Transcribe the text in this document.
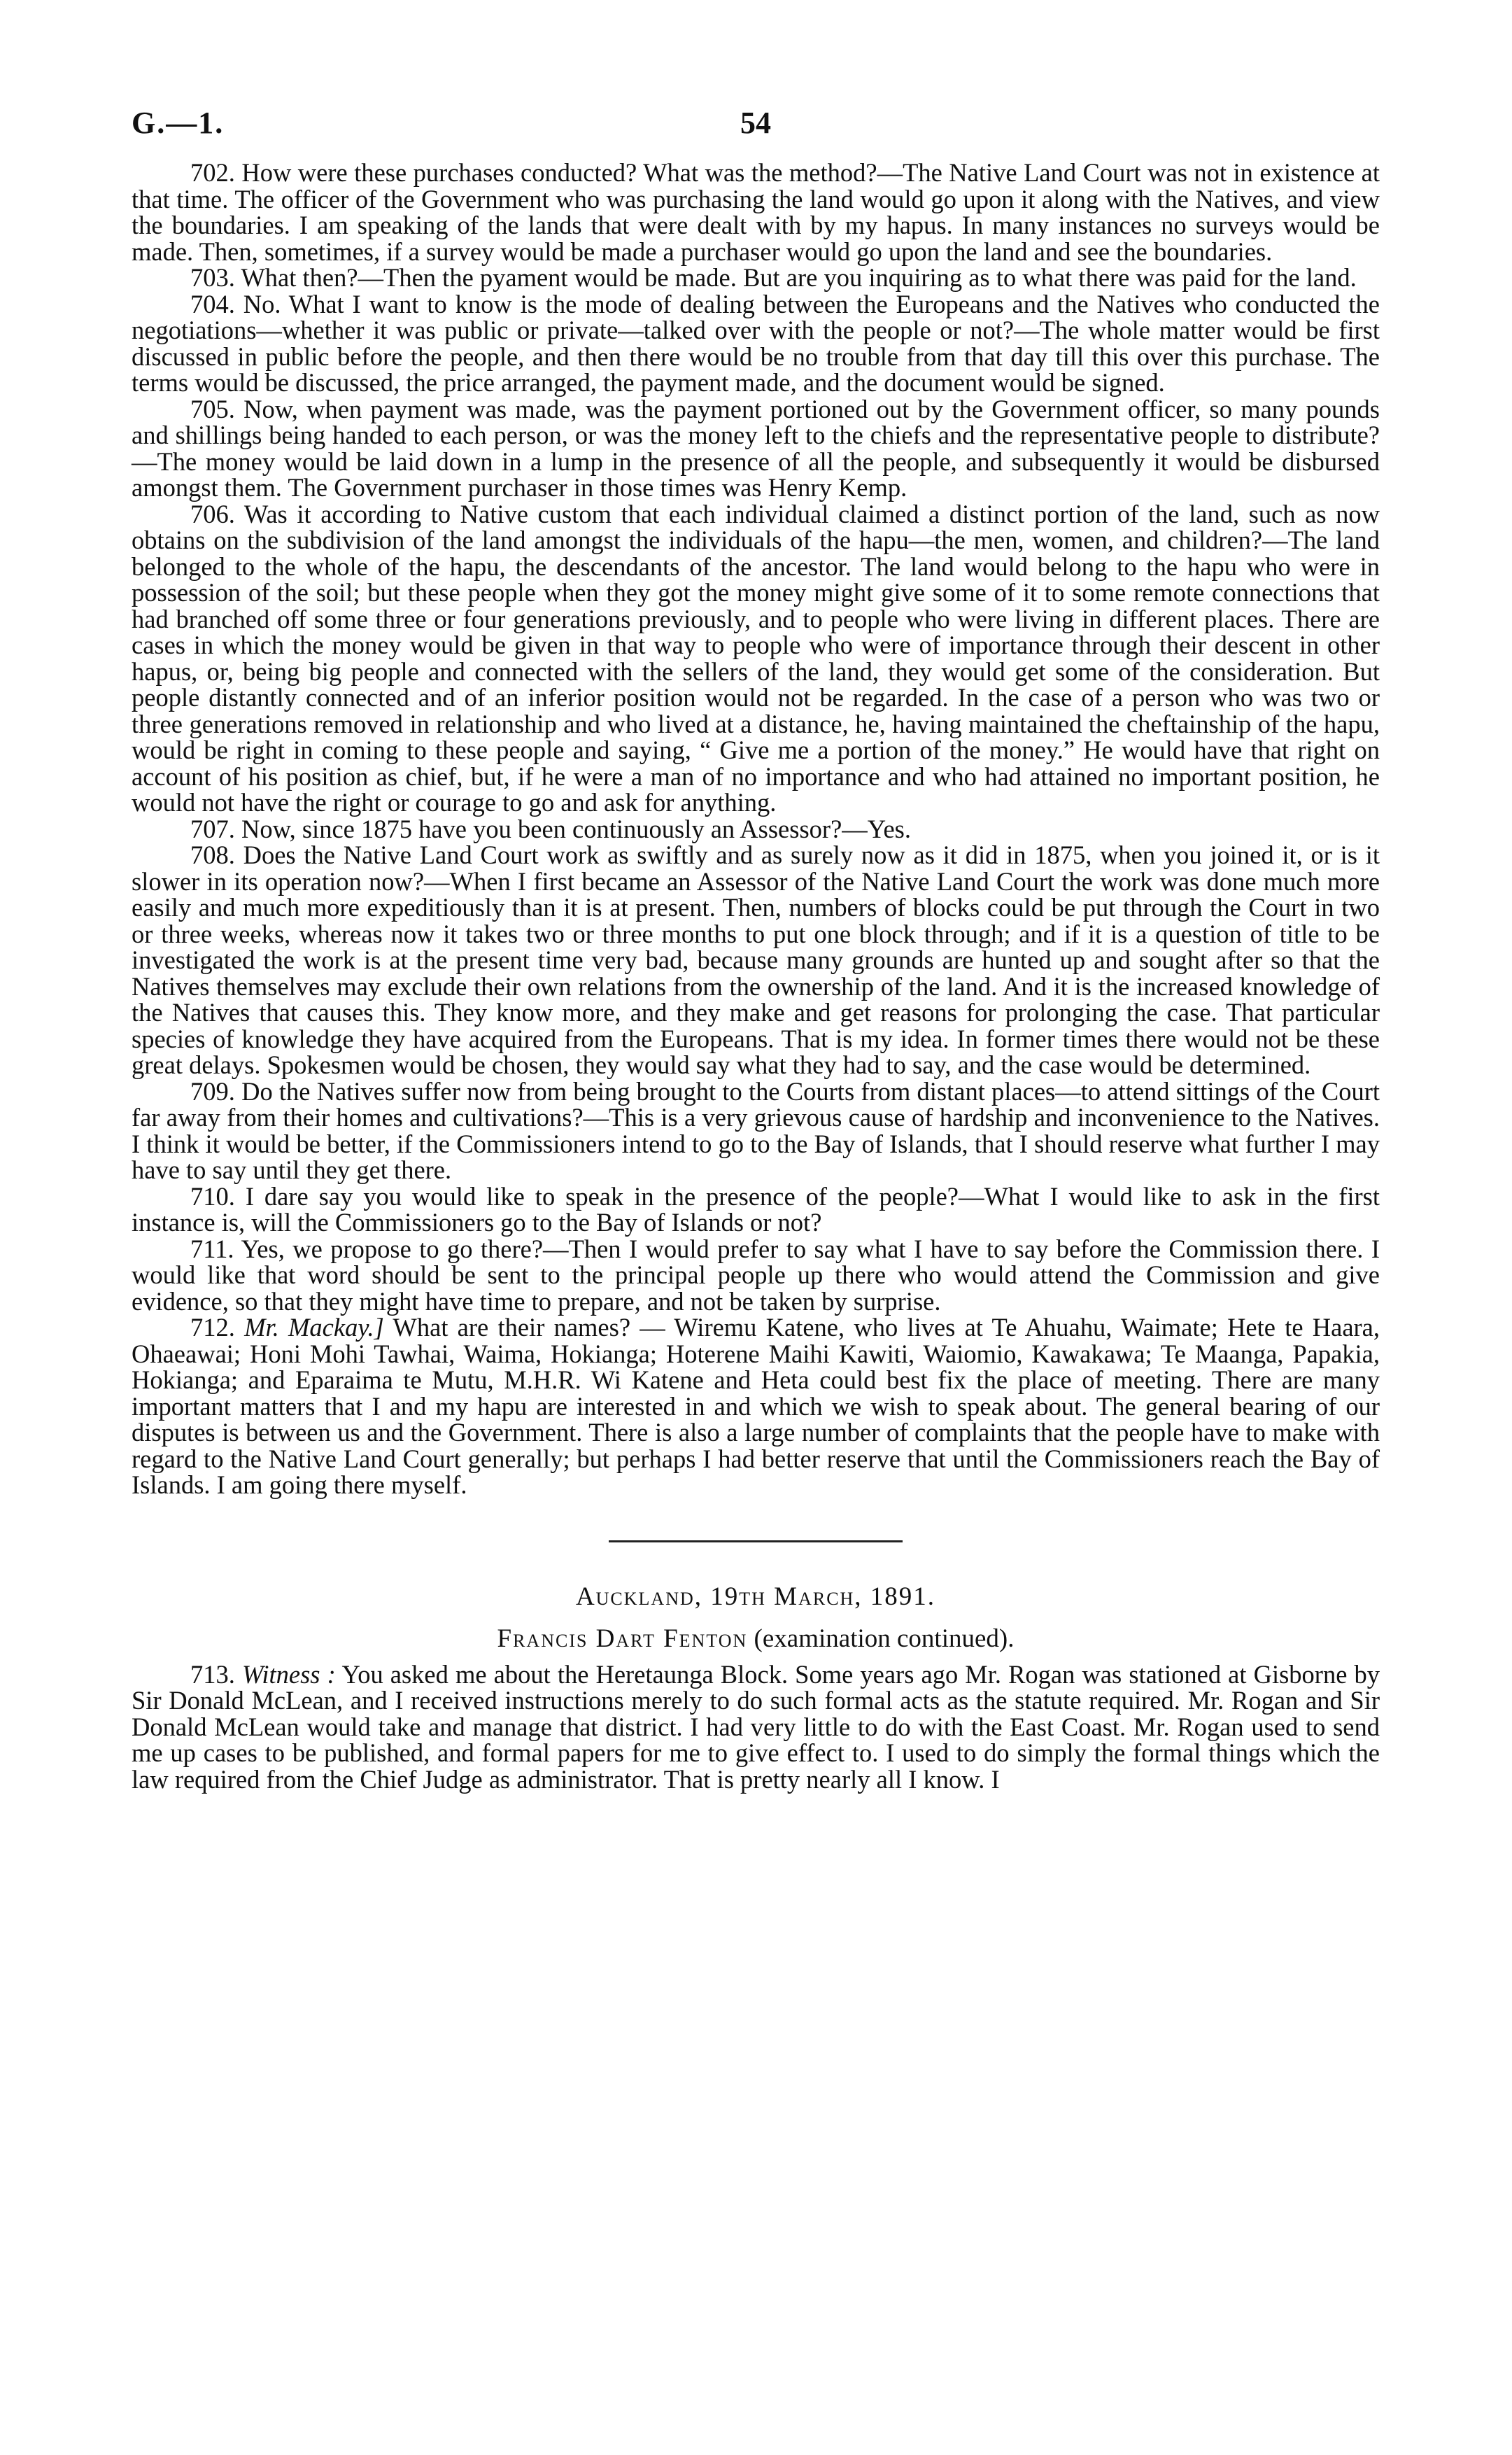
G.—1.	54

702. How were these purchases conducted? What was the method?—The Native Land Court was not in existence at that time. The officer of the Government who was purchasing the land would go upon it along with the Natives, and view the boundaries. I am speaking of the lands that were dealt with by my hapus. In many instances no surveys would be made. Then, sometimes, if a survey would be made a purchaser would go upon the land and see the boundaries.

703. What then?—Then the pyament would be made. But are you inquiring as to what there was paid for the land.

704. No. What I want to know is the mode of dealing between the Europeans and the Natives who conducted the negotiations—whether it was public or private—talked over with the people or not?—The whole matter would be first discussed in public before the people, and then there would be no trouble from that day till this over this purchase. The terms would be discussed, the price arranged, the payment made, and the document would be signed.

705. Now, when payment was made, was the payment portioned out by the Government officer, so many pounds and shillings being handed to each person, or was the money left to the chiefs and the representative people to distribute?—The money would be laid down in a lump in the presence of all the people, and subsequently it would be disbursed amongst them. The Government purchaser in those times was Henry Kemp.

706. Was it according to Native custom that each individual claimed a distinct portion of the land, such as now obtains on the subdivision of the land amongst the individuals of the hapu—the men, women, and children?—The land belonged to the whole of the hapu, the descendants of the ancestor. The land would belong to the hapu who were in possession of the soil; but these people when they got the money might give some of it to some remote connections that had branched off some three or four generations previously, and to people who were living in different places. There are cases in which the money would be given in that way to people who were of importance through their descent in other hapus, or, being big people and connected with the sellers of the land, they would get some of the consideration. But people distantly connected and of an inferior position would not be regarded. In the case of a person who was two or three generations removed in relationship and who lived at a distance, he, having maintained the cheftainship of the hapu, would be right in coming to these people and saying, “ Give me a portion of the money.” He would have that right on account of his position as chief, but, if he were a man of no importance and who had attained no important position, he would not have the right or courage to go and ask for anything.

707. Now, since 1875 have you been continuously an Assessor?—Yes.

708. Does the Native Land Court work as swiftly and as surely now as it did in 1875, when you joined it, or is it slower in its operation now?—When I first became an Assessor of the Native Land Court the work was done much more easily and much more expeditiously than it is at present. Then, numbers of blocks could be put through the Court in two or three weeks, whereas now it takes two or three months to put one block through; and if it is a question of title to be investigated the work is at the present time very bad, because many grounds are hunted up and sought after so that the Natives themselves may exclude their own relations from the ownership of the land. And it is the increased knowledge of the Natives that causes this. They know more, and they make and get reasons for prolonging the case. That particular species of knowledge they have acquired from the Europeans. That is my idea. In former times there would not be these great delays. Spokesmen would be chosen, they would say what they had to say, and the case would be determined.

709. Do the Natives suffer now from being brought to the Courts from distant places—to attend sittings of the Court far away from their homes and cultivations?—This is a very grievous cause of hardship and inconvenience to the Natives. I think it would be better, if the Commissioners intend to go to the Bay of Islands, that I should reserve what further I may have to say until they get there.

710. I dare say you would like to speak in the presence of the people?—What I would like to ask in the first instance is, will the Commissioners go to the Bay of Islands or not?

711. Yes, we propose to go there?—Then I would prefer to say what I have to say before the Commission there. I would like that word should be sent to the principal people up there who would attend the Commission and give evidence, so that they might have time to prepare, and not be taken by surprise.

712. Mr. Mackay.] What are their names? — Wiremu Katene, who lives at Te Ahuahu, Waimate; Hete te Haara, Ohaeawai; Honi Mohi Tawhai, Waima, Hokianga; Hoterene Maihi Kawiti, Waiomio, Kawakawa; Te Maanga, Papakia, Hokianga; and Eparaima te Mutu, M.H.R. Wi Katene and Heta could best fix the place of meeting. There are many important matters that I and my hapu are interested in and which we wish to speak about. The general bearing of our disputes is between us and the Government. There is also a large number of complaints that the people have to make with regard to the Native Land Court generally; but perhaps I had better reserve that until the Commissioners reach the Bay of Islands. I am going there myself.

Auckland, 19th March, 1891.

Francis Dart Fenton (examination continued).

713. Witness : You asked me about the Heretaunga Block. Some years ago Mr. Rogan was stationed at Gisborne by Sir Donald McLean, and I received instructions merely to do such formal acts as the statute required. Mr. Rogan and Sir Donald McLean would take and manage that district. I had very little to do with the East Coast. Mr. Rogan used to send me up cases to be published, and formal papers for me to give effect to. I used to do simply the formal things which the law required from the Chief Judge as administrator. That is pretty nearly all I know. I
